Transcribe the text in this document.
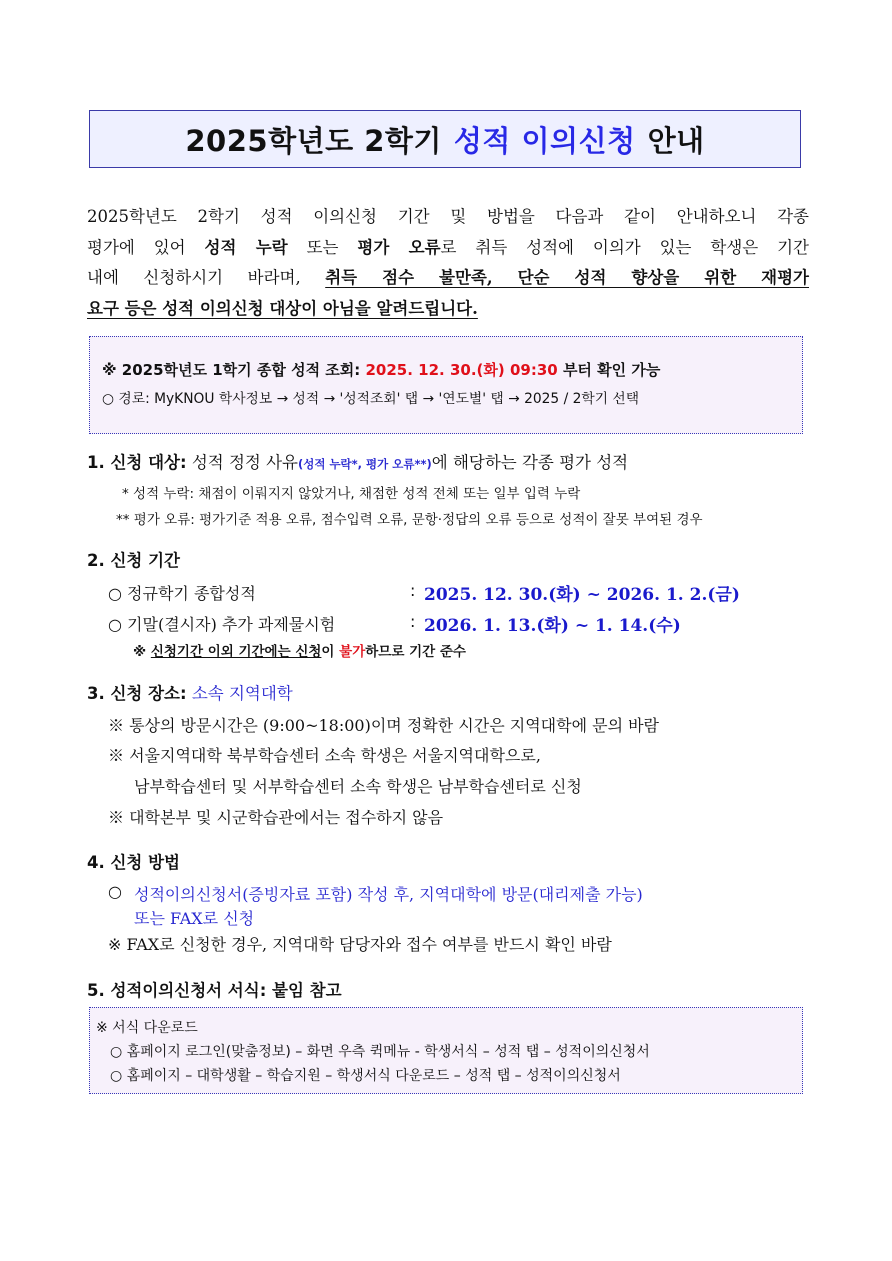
2025학년도 2학기 성적 이의신청 안내
2025학년도 2학기 성적 이의신청 기간 및 방법을 다음과 같이 안내하오니 각종
평가에 있어 성적 누락 또는 평가 오류로 취득 성적에 이의가 있는 학생은 기간
내에 신청하시기 바라며, 취득 점수 불만족, 단순 성적 향상을 위한 재평가
요구 등은 성적 이의신청 대상이 아님을 알려드립니다.
※ 2025학년도 1학기 종합 성적 조회: 2025. 12. 30.(화) 09:30 부터 확인 가능
○ 경로: MyKNOU 학사정보 → 성적 → '성적조회' 탭 → '연도별' 탭 → 2025 / 2학기 선택
1. 신청 대상: 성적 정정 사유(성적 누락*, 평가 오류**)에 해당하는 각종 평가 성적
* 성적 누락: 채점이 이뤄지지 않았거나, 채점한 성적 전체 또는 일부 입력 누락
** 평가 오류: 평가기준 적용 오류, 점수입력 오류, 문항·정답의 오류 등으로 성적이 잘못 부여된 경우
2. 신청 기간
○ 정규학기 종합성적	: 2025. 12. 30.(화) ~ 2026. 1. 2.(금)
○ 기말(결시자) 추가 과제물시험	: 2026. 1. 13.(화) ~ 1. 14.(수)
※ 신청기간 이외 기간에는 신청이 불가하므로 기간 준수
3. 신청 장소: 소속 지역대학
※ 통상의 방문시간은 (9:00~18:00)이며 정확한 시간은 지역대학에 문의 바람
※ 서울지역대학 북부학습센터 소속 학생은 서울지역대학으로,
남부학습센터 및 서부학습센터 소속 학생은 남부학습센터로 신청
※ 대학본부 및 시군학습관에서는 접수하지 않음
4. 신청 방법
○ 성적이의신청서(증빙자료 포함) 작성 후, 지역대학에 방문(대리제출 가능)
또는 FAX로 신청
※ FAX로 신청한 경우, 지역대학 담당자와 접수 여부를 반드시 확인 바람
5. 성적이의신청서 서식: 붙임 참고
※ 서식 다운로드
○ 홈페이지 로그인(맞춤정보) – 화면 우측 퀵메뉴 - 학생서식 – 성적 탭 – 성적이의신청서
○ 홈페이지 – 대학생활 – 학습지원 – 학생서식 다운로드 – 성적 탭 – 성적이의신청서
